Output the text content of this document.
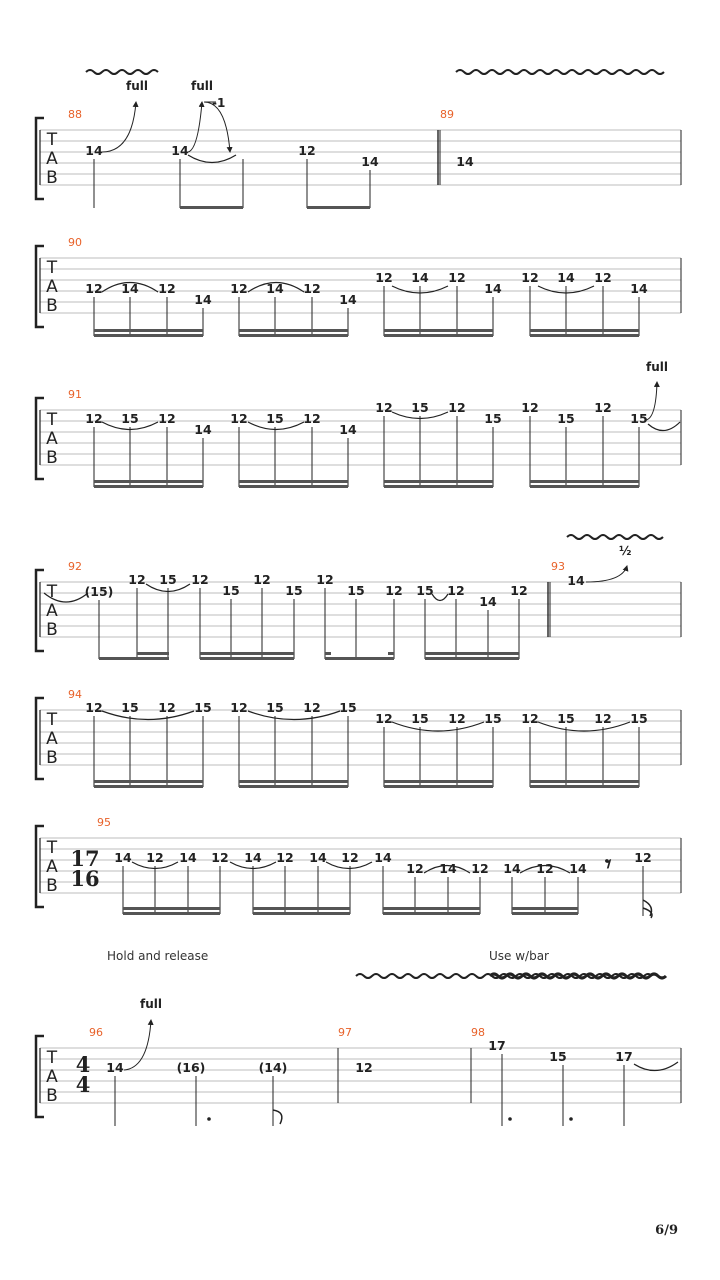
T
A
B
T
A
B
T
A
B
T
A
B
T
A
B
T
A
B
T
A
B
88	89
full	full
-1
14	14	12
14	14
90
12 14 12
14
12 14 12
14
12 14 12
14
12 14 12
14
91
full
12 15 12
14
12 15 12
14
12 15 12
15
12
15
12
15
92	93
½
(15)
14
12 15 12
15
12
15
12
15 12 15 12
14
12
94
12 15 12 15 12 15 12 15
12 15 12 15 12 15 12 15
95
17
16
14 12 14 12 14 12 14 12 14
12 14 12 14 12 14 𝄾 12
Hold and release	Use w/bar
full
96	97	98
4
4
14	(16)	(14)	12
17
15	17
6/9
